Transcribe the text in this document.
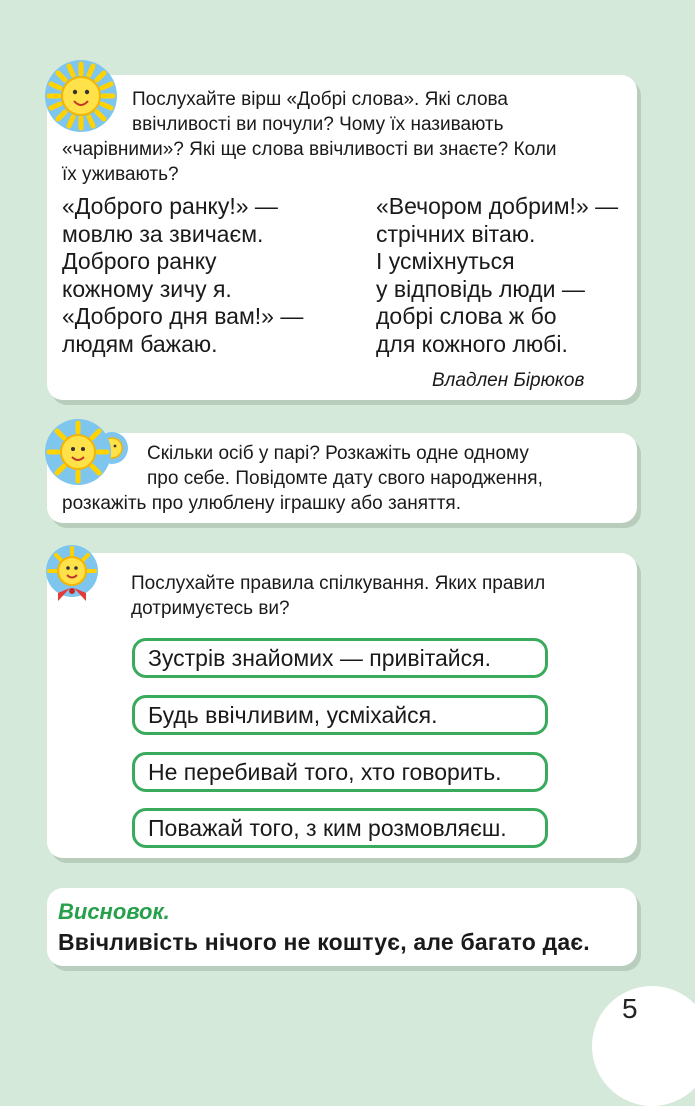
Послухайте вірш «Добрі слова». Які слова
ввічливості ви почули? Чому їх називають
«чарівними»? Які ще слова ввічливості ви знаєте? Коли
їх уживають?
«Доброго ранку!» —
мовлю за звичаєм.
Доброго ранку
кожному зичу я.
«Доброго дня вам!» —
людям бажаю.
«Вечором добрим!» —
стрічних вітаю.
І усміхнуться
у відповідь люди —
добрі слова ж бо
для кожного любі.
Владлен Бірюков
Скільки осіб у парі? Розкажіть одне одному
про себе. Повідомте дату свого народження,
розкажіть про улюблену іграшку або заняття.
Послухайте правила спілкування. Яких правил
дотримуєтесь ви?
Зустрів знайомих — привітайся.
Будь ввічливим, усміхайся.
Не перебивай того, хто говорить.
Поважай того, з ким розмовляєш.
Висновок.
Ввічливість нічого не коштує, але багато дає.
5
